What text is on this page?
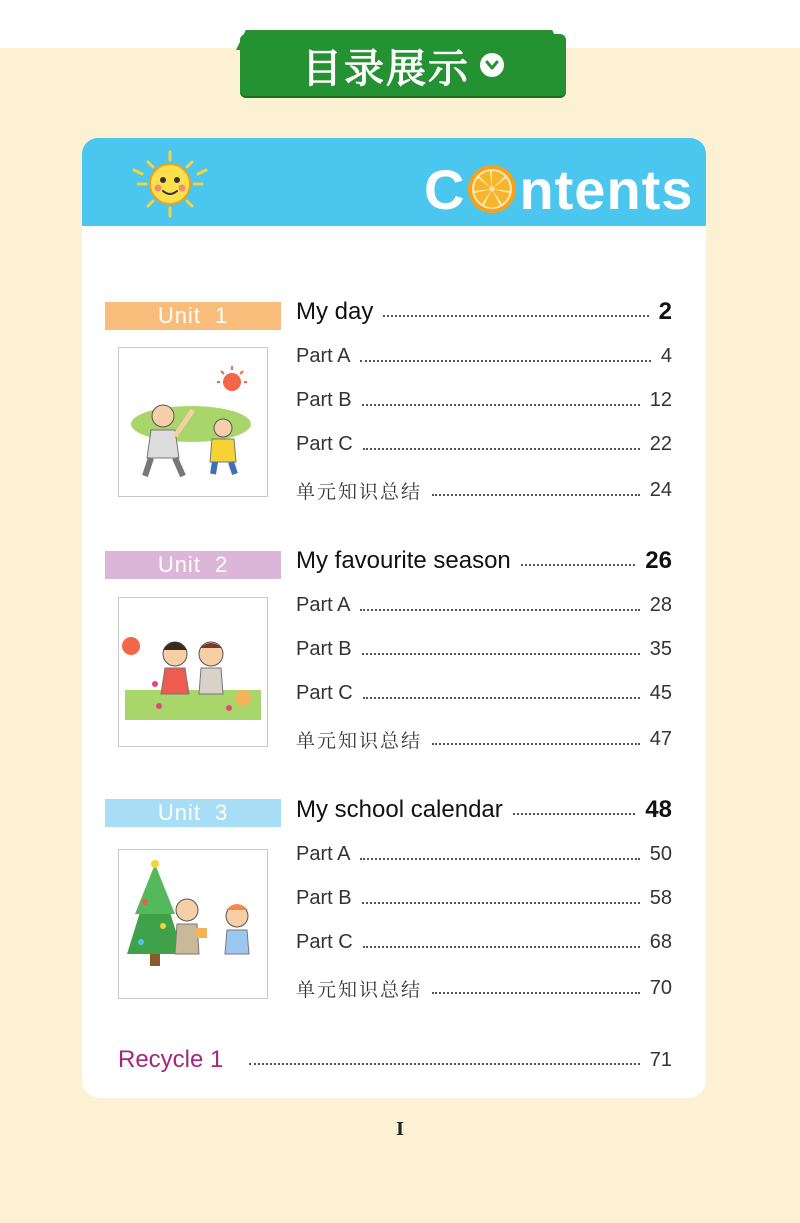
目录展示
C ntents
Unit 1	My day	2
Part A	4
Part B	12
Part C	22
单元知识总结	24
Unit 2	My favourite season	26
Part A	28
Part B	35
Part C	45
单元知识总结	47
Unit 3	My school calendar	48
Part A	50
Part B	58
Part C	68
单元知识总结	70
Recycle 1	71
I
